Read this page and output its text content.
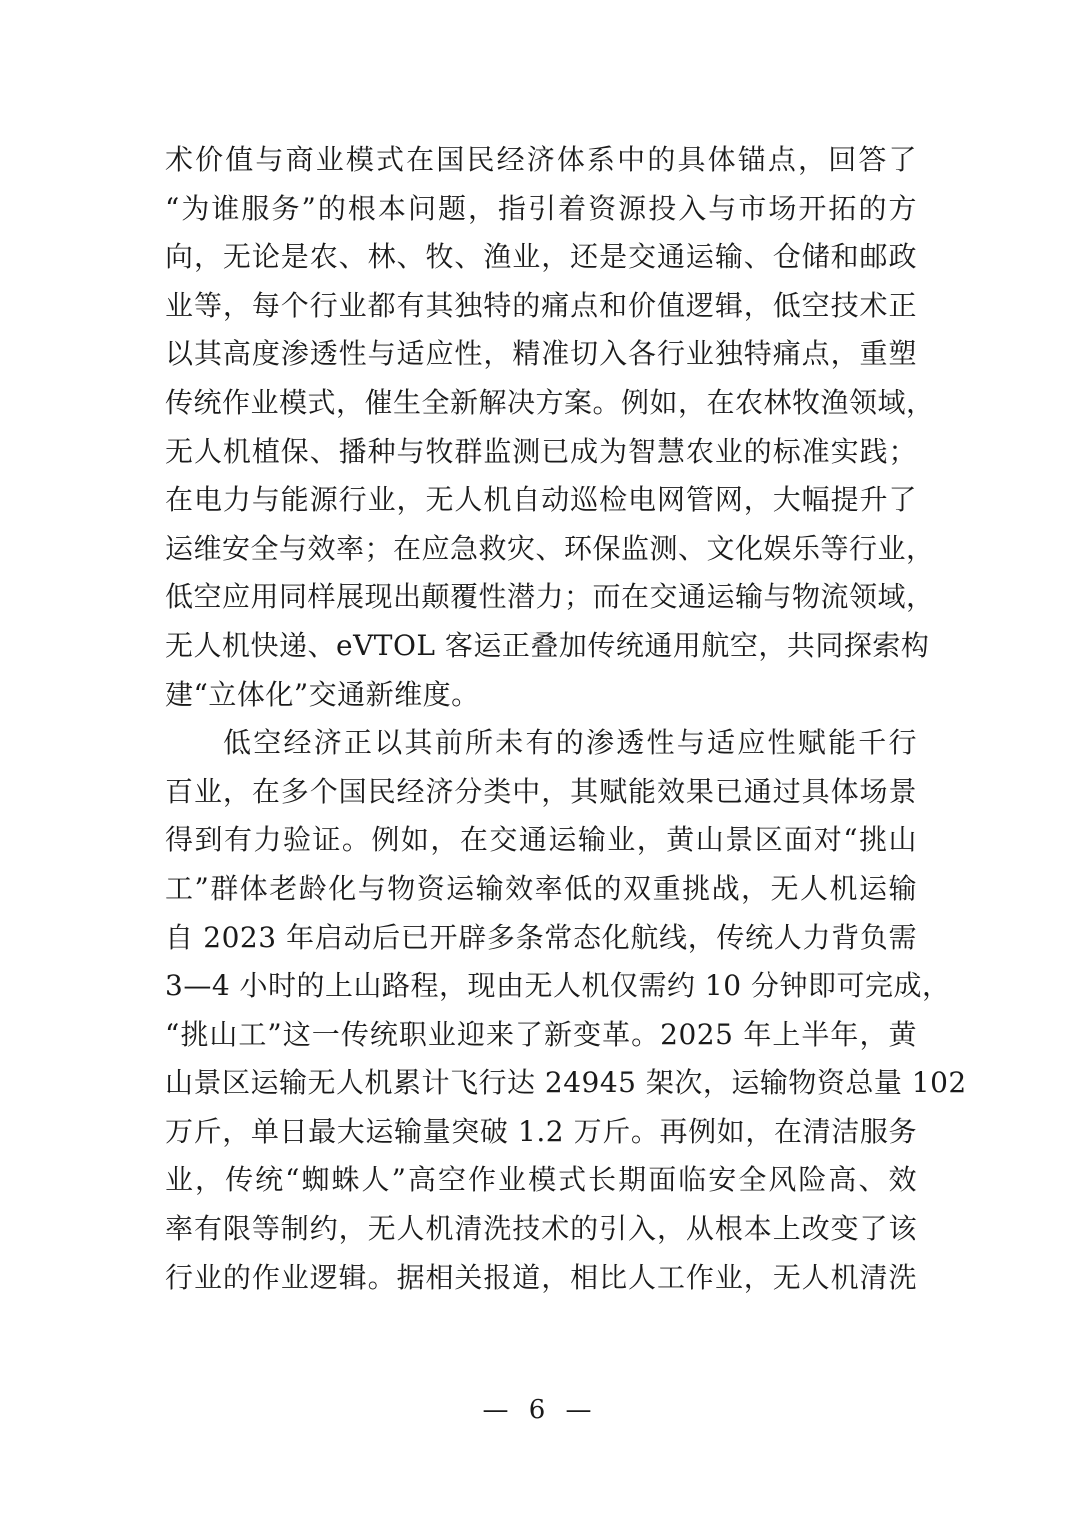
术价值与商业模式在国民经济体系中的具体锚点，回答了
“为谁服务”的根本问题，指引着资源投入与市场开拓的方
向，无论是农、林、牧、渔业，还是交通运输、仓储和邮政
业等，每个行业都有其独特的痛点和价值逻辑，低空技术正
以其高度渗透性与适应性，精准切入各行业独特痛点，重塑
传统作业模式，催生全新解决方案。例如，在农林牧渔领域，
无人机植保、播种与牧群监测已成为智慧农业的标准实践；
在电力与能源行业，无人机自动巡检电网管网，大幅提升了
运维安全与效率；在应急救灾、环保监测、文化娱乐等行业，
低空应用同样展现出颠覆性潜力；而在交通运输与物流领域，
无人机快递、eVTOL 客运正叠加传统通用航空，共同探索构
建“立体化”交通新维度。
低空经济正以其前所未有的渗透性与适应性赋能千行
百业，在多个国民经济分类中，其赋能效果已通过具体场景
得到有力验证。例如，在交通运输业，黄山景区面对“挑山
工”群体老龄化与物资运输效率低的双重挑战，无人机运输
自 2023 年启动后已开辟多条常态化航线，传统人力背负需
3—4 小时的上山路程，现由无人机仅需约 10 分钟即可完成，
“挑山工”这一传统职业迎来了新变革。2025 年上半年，黄
山景区运输无人机累计飞行达 24945 架次，运输物资总量 102
万斤，单日最大运输量突破 1.2 万斤。再例如，在清洁服务
业，传统“蜘蛛人”高空作业模式长期面临安全风险高、效
率有限等制约，无人机清洗技术的引入，从根本上改变了该
行业的作业逻辑。据相关报道，相比人工作业，无人机清洗
— 6 —
